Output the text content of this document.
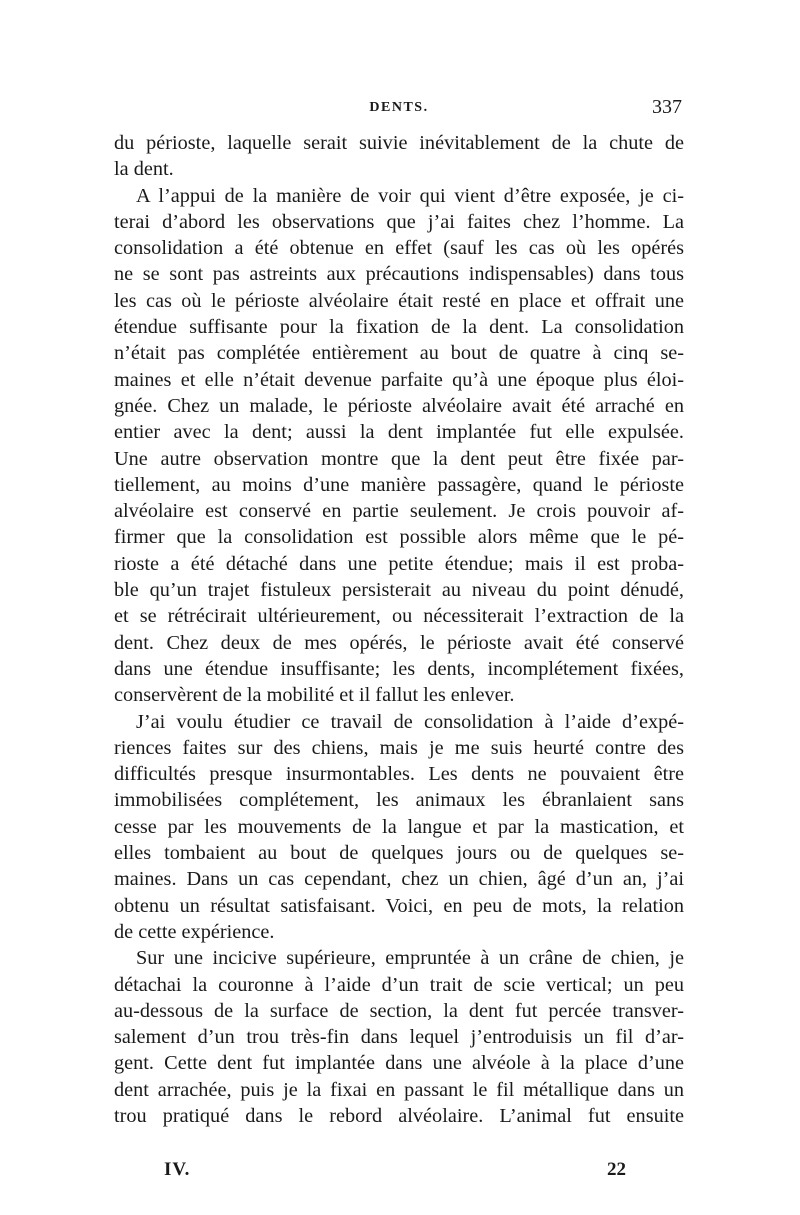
DENTS.	337
du périoste, laquelle serait suivie inévitablement de la chute de
la dent.
A l’appui de la manière de voir qui vient d’être exposée, je ci-
terai d’abord les observations que j’ai faites chez l’homme. La
consolidation a été obtenue en effet (sauf les cas où les opérés
ne se sont pas astreints aux précautions indispensables) dans tous
les cas où le périoste alvéolaire était resté en place et offrait une
étendue suffisante pour la fixation de la dent. La consolidation
n’était pas complétée entièrement au bout de quatre à cinq se-
maines et elle n’était devenue parfaite qu’à une époque plus éloi-
gnée. Chez un malade, le périoste alvéolaire avait été arraché en
entier avec la dent; aussi la dent implantée fut elle expulsée.
Une autre observation montre que la dent peut être fixée par-
tiellement, au moins d’une manière passagère, quand le périoste
alvéolaire est conservé en partie seulement. Je crois pouvoir af-
firmer que la consolidation est possible alors même que le pé-
rioste a été détaché dans une petite étendue; mais il est proba-
ble qu’un trajet fistuleux persisterait au niveau du point dénudé,
et se rétrécirait ultérieurement, ou nécessiterait l’extraction de la
dent. Chez deux de mes opérés, le périoste avait été conservé
dans une étendue insuffisante; les dents, incomplétement fixées,
conservèrent de la mobilité et il fallut les enlever.
J’ai voulu étudier ce travail de consolidation à l’aide d’expé-
riences faites sur des chiens, mais je me suis heurté contre des
difficultés presque insurmontables. Les dents ne pouvaient être
immobilisées complétement, les animaux les ébranlaient sans
cesse par les mouvements de la langue et par la mastication, et
elles tombaient au bout de quelques jours ou de quelques se-
maines. Dans un cas cependant, chez un chien, âgé d’un an, j’ai
obtenu un résultat satisfaisant. Voici, en peu de mots, la relation
de cette expérience.
Sur une incicive supérieure, empruntée à un crâne de chien, je
détachai la couronne à l’aide d’un trait de scie vertical; un peu
au-dessous de la surface de section, la dent fut percée transver-
salement d’un trou très-fin dans lequel j’entroduisis un fil d’ar-
gent. Cette dent fut implantée dans une alvéole à la place d’une
dent arrachée, puis je la fixai en passant le fil métallique dans un
trou pratiqué dans le rebord alvéolaire. L’animal fut ensuite
IV.	22
